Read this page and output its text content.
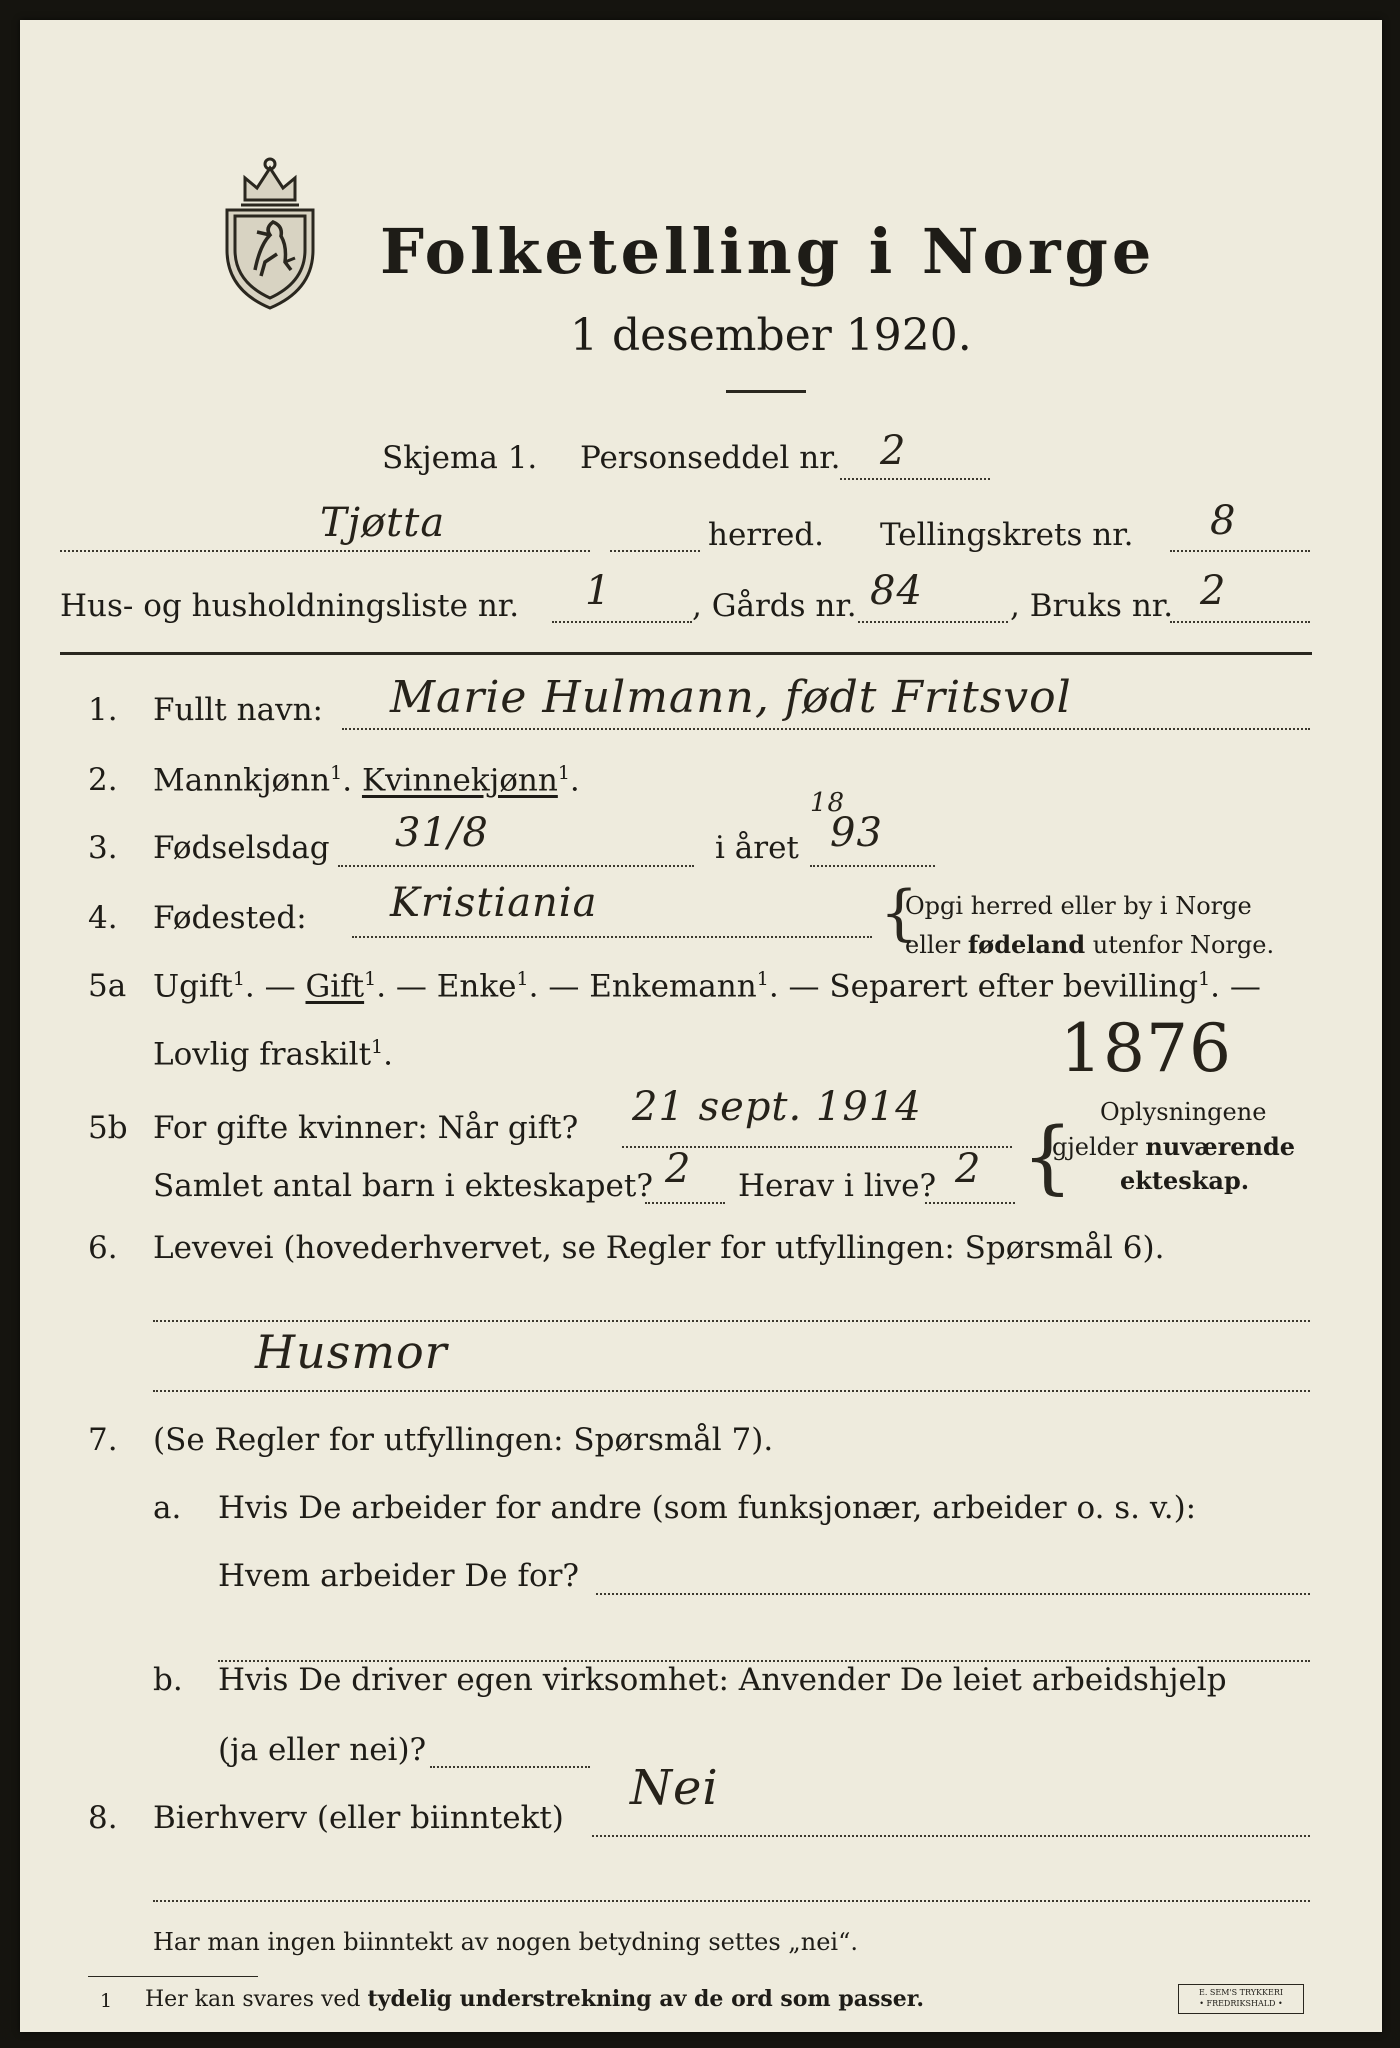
Folketelling i Norge
1 desember 1920.
Skjema 1. Personseddel nr. 2
Tjøtta	herred. Tellingskrets nr. 8
Hus- og husholdningsliste nr. 1	, Gårds nr. 84	, Bruks nr. 2
1. Fullt navn: Marie Hulmann, født Fritsvol
2. Mannkjønn$^1$. Kvinnekjønn$^1$.
3. Fødselsdag 31/8	i året
18
93
4. Fødested: Kristiania	{
Opgi herred eller by i Norge
eller fødeland utenfor Norge.
5a Ugift$^1$. — Gift$^1$. — Enke$^1$. — Enkemann$^1$. — Separert efter bevilling$^1$. —
Lovlig fraskilt$^1$.	1876
5b For gifte kvinner: Når gift? 21 sept. 1914
Samlet antal barn i ekteskapet? 2 Herav i live? 2 { Oplysningene
gjelder nuværende
ekteskap.
6. Levevei (hovederhvervet, se Regler for utfyllingen: Spørsmål 6).
Husmor
7. (Se Regler for utfyllingen: Spørsmål 7).
a. Hvis De arbeider for andre (som funksjonær, arbeider o. s. v.):
Hvem arbeider De for?
b. Hvis De driver egen virksomhet: Anvender De leiet arbeidshjelp
(ja eller nei)?
8. Bierhverv (eller biinntekt)
Nei
Har man ingen biinntekt av nogen betydning settes „nei“.
1 Her kan svares ved tydelig understrekning av de ord som passer.	E. SEM'S TRYKKERI
• FREDRIKSHALD •
